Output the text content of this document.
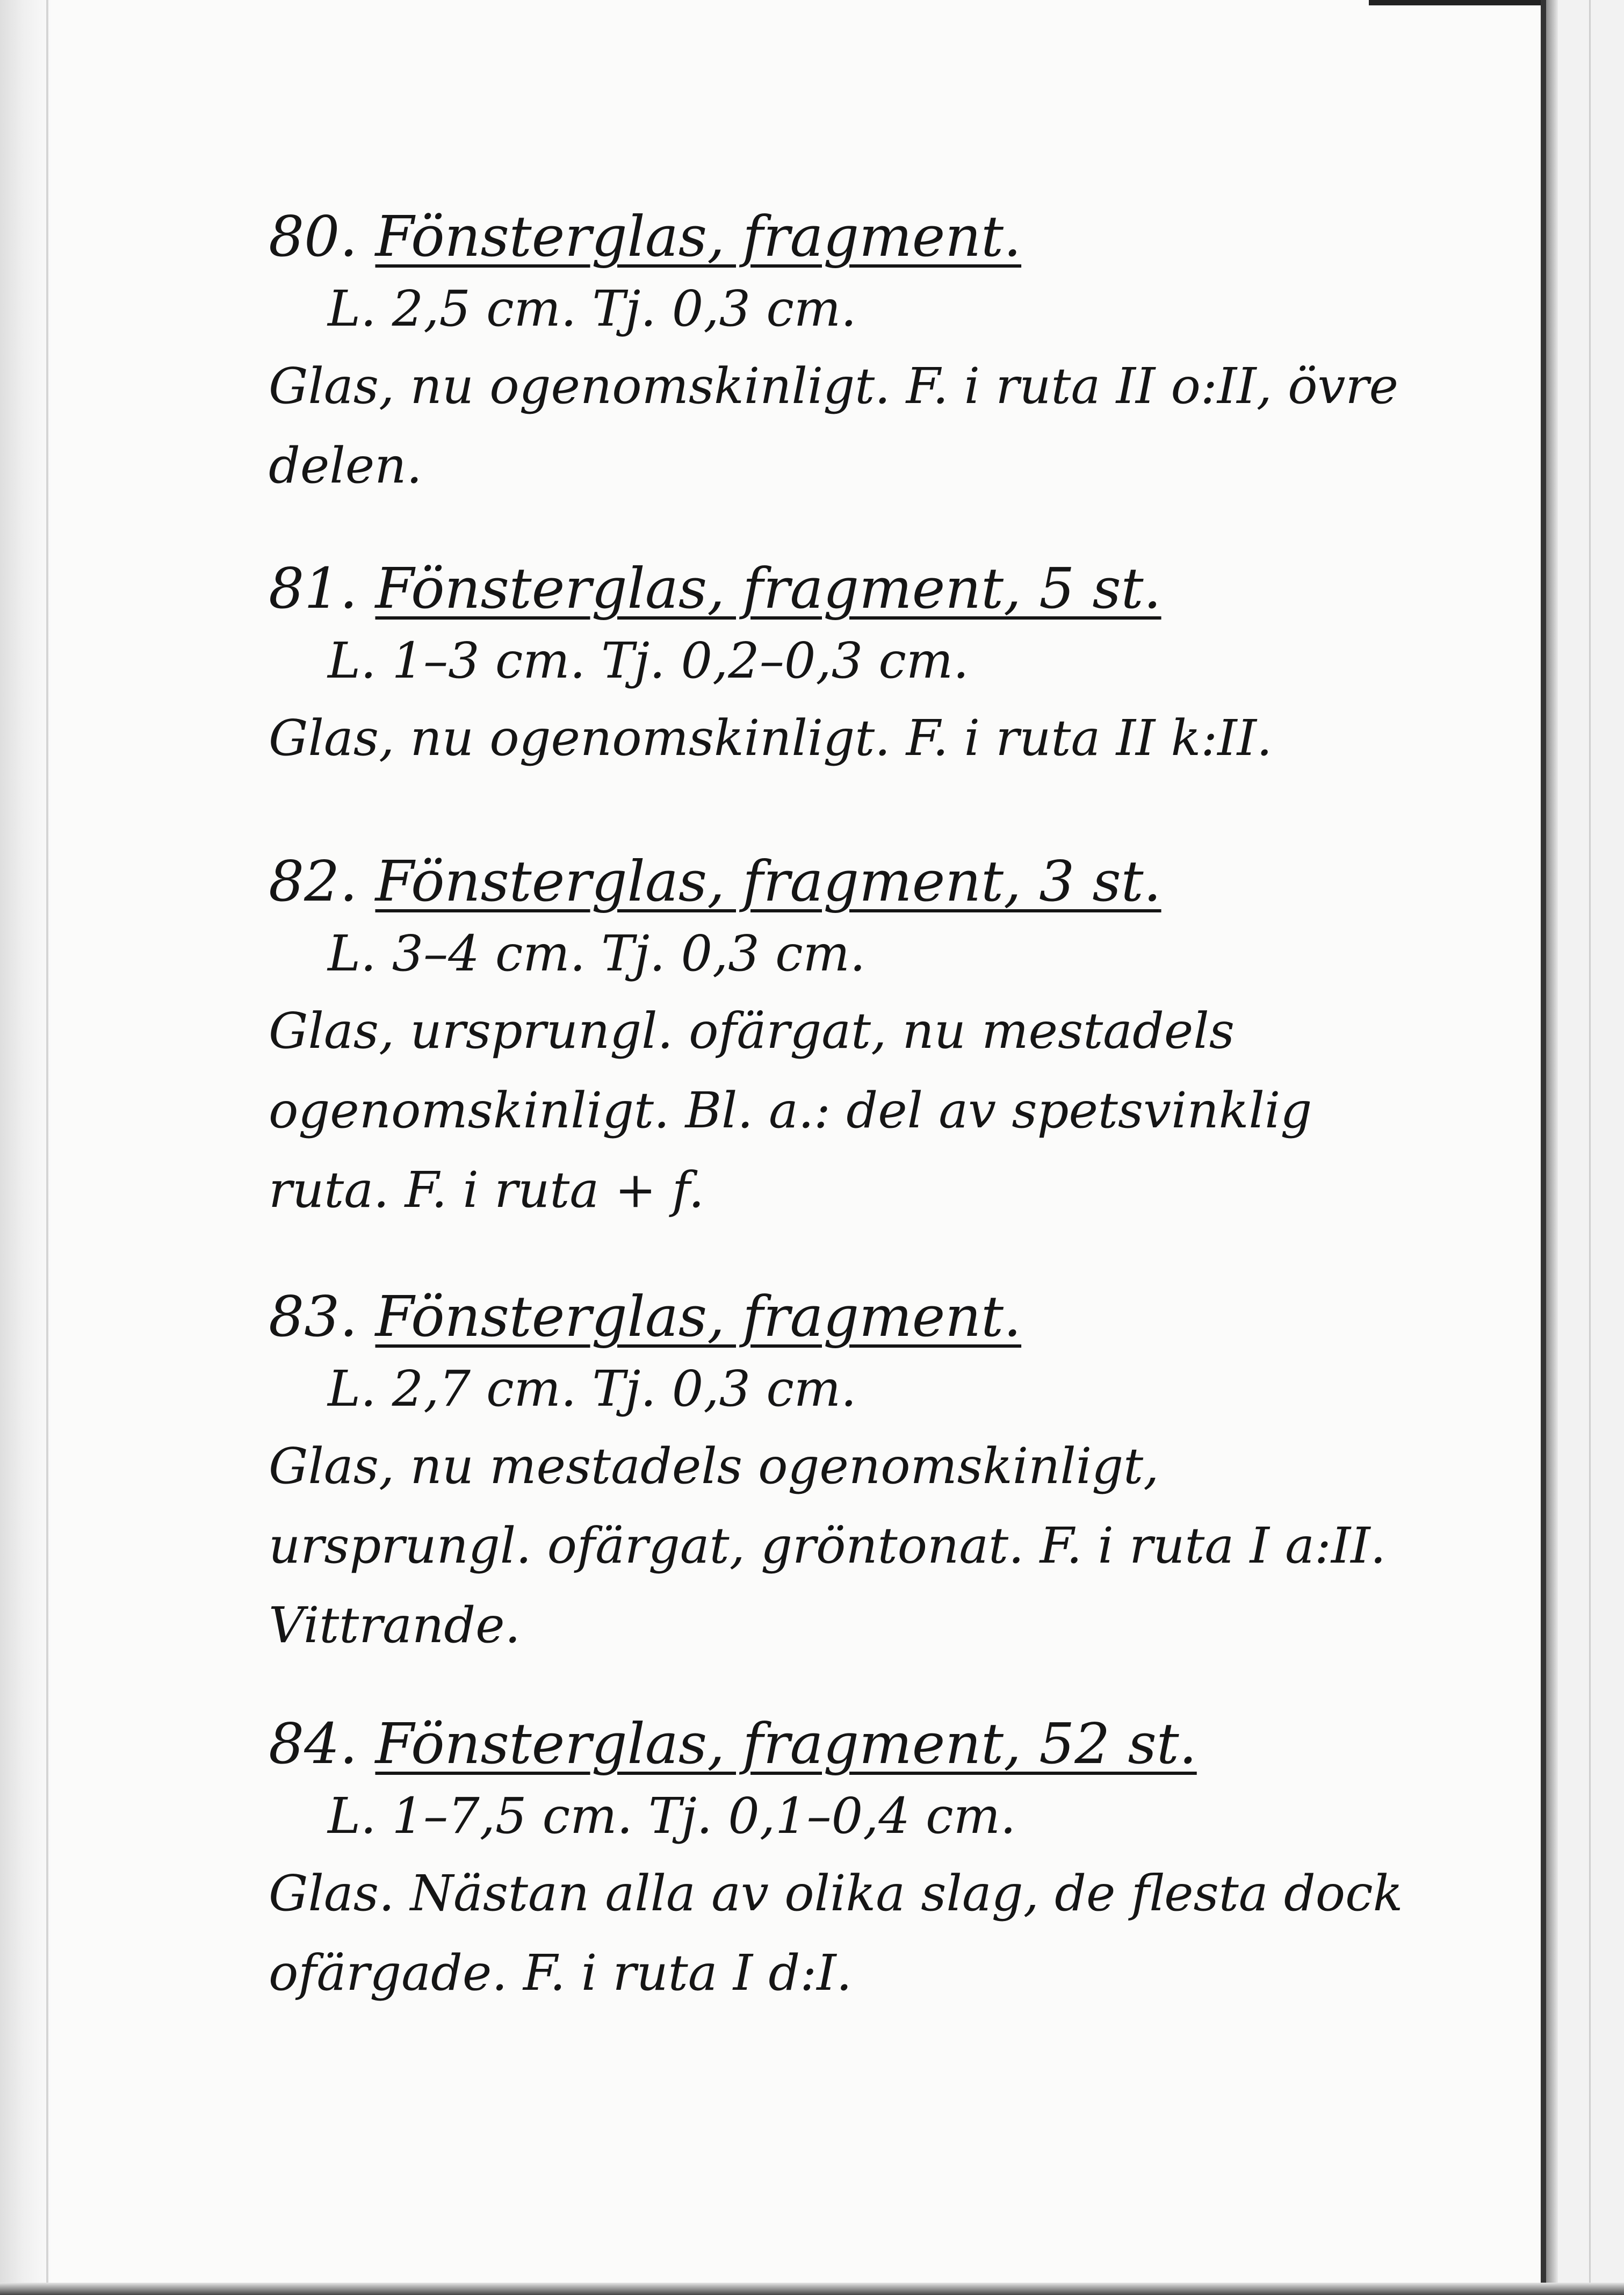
80. Fönsterglas, fragment.
L. 2,5 cm. Tj. 0,3 cm.
Glas, nu ogenomskinligt. F. i ruta II o:II, övre delen.
81. Fönsterglas, fragment, 5 st.
L. 1–3 cm. Tj. 0,2–0,3 cm.
Glas, nu ogenomskinligt. F. i ruta II k:II.
82. Fönsterglas, fragment, 3 st.
L. 3–4 cm. Tj. 0,3 cm.
Glas, ursprungl. ofärgat, nu mestadels ogenomskinligt. Bl. a.: del av spetsvinklig ruta. F. i ruta + f.
83. Fönsterglas, fragment.
L. 2,7 cm. Tj. 0,3 cm.
Glas, nu mestadels ogenomskinligt, ursprungl. ofärgat, gröntonat. F. i ruta I a:II. Vittrande.
84. Fönsterglas, fragment, 52 st.
L. 1–7,5 cm. Tj. 0,1–0,4 cm.
Glas. Nästan alla av olika slag, de flesta dock ofärgade. F. i ruta I d:I.
